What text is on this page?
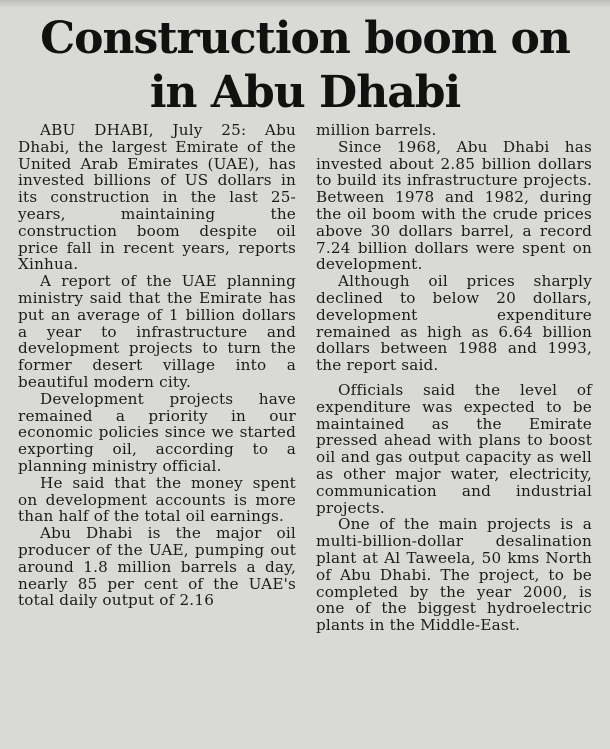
Construction boom on
in Abu Dhabi

ABU DHABI, July 25: Abu Dhabi, the largest Emirate of the United Arab Emirates (UAE), has invested billions of US dollars in its construction in the last 25-years, maintaining the construction boom despite oil price fall in recent years, reports Xinhua.

A report of the UAE planning ministry said that the Emirate has put an average of 1 billion dollars a year to infrastructure and development projects to turn the former desert village into a beautiful modern city.

Development projects have remained a priority in our economic policies since we started exporting oil, according to a planning ministry official.

He said that the money spent on development accounts is more than half of the total oil earnings.

Abu Dhabi is the major oil producer of the UAE, pumping out around 1.8 million barrels a day, nearly 85 per cent of the UAE's total daily output of 2.16

million barrels.

Since 1968, Abu Dhabi has invested about 2.85 billion dollars to build its infrastructure projects. Between 1978 and 1982, during the oil boom with the crude prices above 30 dollars barrel, a record 7.24 billion dollars were spent on development.

Although oil prices sharply declined to below 20 dollars, development expenditure remained as high as 6.64 billion dollars between 1988 and 1993, the report said.

Officials said the level of expenditure was expected to be maintained as the Emirate pressed ahead with plans to boost oil and gas output capacity as well as other major water, electricity, communication and industrial projects.

One of the main projects is a multi-billion-dollar desalination plant at Al Taweela, 50 kms North of Abu Dhabi. The project, to be completed by the year 2000, is one of the biggest hydroelectric plants in the Middle-East.
